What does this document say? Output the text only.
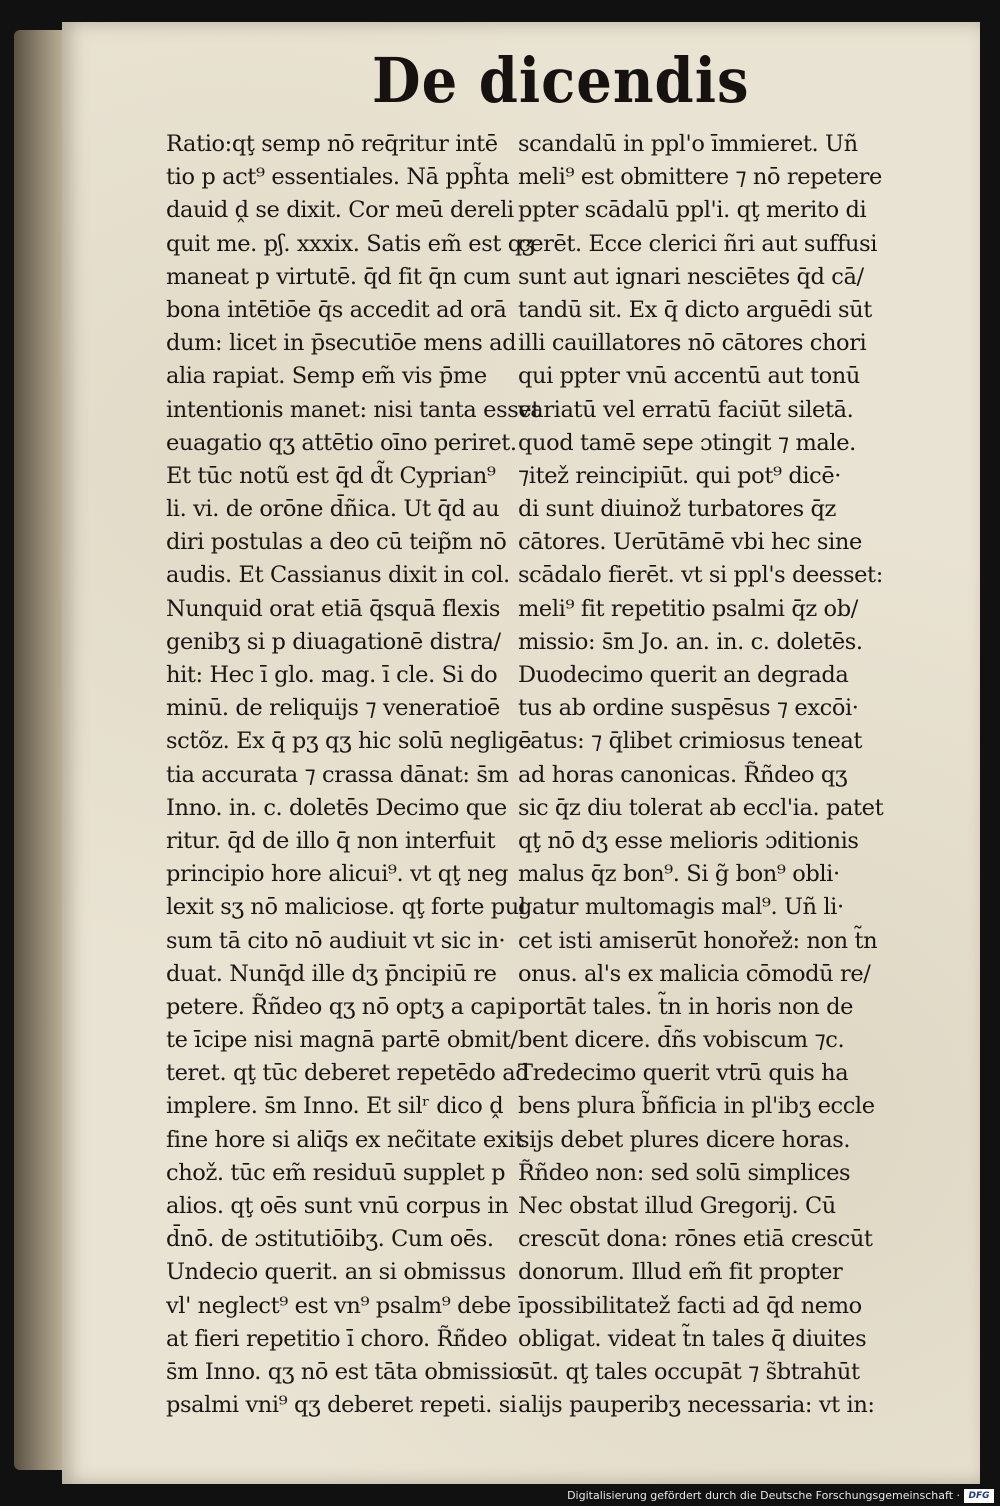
De dicendis
Ratio:qţ semp nō req̄ritur intē
tio p act⁹ essentiales. Nā pph̃ta
dauid ḓ se dixit. Cor meū dereli
quit me. pʃ. xxxix. Satis em̃ est qʒ
maneat p virtutē. q̄d fit q̄n cum
bona intētiōe q̄s accedit ad orā
dum: licet in p̄secutiōe mens ad
alia rapiat. Semp em̃ vis p̄me
intentionis manet: nisi tanta esset
euagatio qʒ attētio oīno periret.
Et tūc notũ est q̄d d̃t Cyprian⁹
li. vi. de orōne d̄ñica. Ut q̄d au
diri postulas a deo cū teip̃m nō
audis. Et Cassianus dixit in col.
Nunquid orat etiā q̄squā flexis
genibʒ si p diuagationē distra/
hit: Hec ī glo. mag. ī cle. Si do
minū. de reliquijs ⁊ veneratioē
sctõz. Ex q̄ pʒ qʒ hic solū negligē
tia accurata ⁊ crassa dānat: s̄m
Inno. in. c. doletēs Decimo que
ritur. q̄d de illo q̄ non interfuit
principio hore alicui⁹. vt qţ neg
lexit sʒ nō maliciose. qţ forte pul
sum tā cito nō audiuit vt sic in·
duat. Nunq̄d ille dʒ p̄ncipiū re
petere. R̃ñdeo qʒ nō optʒ a capi
te īcipe nisi magnā partē obmit/
teret. qţ tūc deberet repetēdo ad
implere. s̄m Inno. Et silʳ dico ḓ
fine hore si aliq̄s ex nec̃itate exit
chož. tūc em̃ residuū supplet p
alios. qţ oēs sunt vnū corpus in
d̄nō. de ɔstitutiōibʒ. Cum oēs.
Undecio querit. an si obmissus
vl' neglect⁹ est vn⁹ psalm⁹ debe
at fieri repetitio ī choro. R̃ñdeo
s̄m Inno. qʒ nō est tāta obmissio
psalmi vni⁹ qʒ deberet repeti. si
scandalū in ppl'o īmmieret. Uñ
meli⁹ est obmittere ⁊ nō repetere
ppter scādalū ppl'i. qţ merito di
cerēt. Ecce clerici ñri aut suffusi
sunt aut ignari nesciētes q̄d cā/
tandū sit. Ex q̄ dicto arguēdi sūt
illi cauillatores nō cātores chori
qui ppter vnū accentū aut tonū
variatū vel erratū faciūt siletā.
quod tamē sepe ɔtingit ⁊ male.
⁊itež reincipiūt. qui pot⁹ dicē·
di sunt diuinož turbatores q̄z
cātores. Uerūtāmē vbi hec sine
scādalo fierēt. vt si ppl's deesset:
meli⁹ fit repetitio psalmi q̄z ob/
missio: s̄m Jo. an. in. c. doletēs.
Duodecimo querit an degrada
tus ab ordine suspēsus ⁊ excōi·
catus: ⁊ q̄libet crimiosus teneat
ad horas canonicas. R̃ñdeo qʒ
sic q̄z diu tolerat ab eccl'ia. patet
qţ nō dʒ esse melioris ɔditionis
malus q̄z bon⁹. Si g̃ bon⁹ obli·
gatur multomagis mal⁹. Uñ li·
cet isti amiserūt honořež: non t̃n
onus. al's ex malicia cōmodū re/
portāt tales. t̃n in horis non de
bent dicere. d̄ñs vobiscum ⁊c.
Tredecimo querit vtrū quis ha
bens plura b̃ñficia in pl'ibʒ eccle
sijs debet plures dicere horas.
R̃ñdeo non: sed solū simplices
Nec obstat illud Gregorij. Cū
crescūt dona: rōnes etiā crescūt
donorum. Illud em̃ fit propter
īpossibilitatež facti ad q̄d nemo
obligat. videat t̃n tales q̄ diuites
sūt. qţ tales occupāt ⁊ s̃btrahūt
alijs pauperibʒ necessaria: vt in:
Digitalisierung gefördert durch die Deutsche Forschungsgemeinschaft · DFG
